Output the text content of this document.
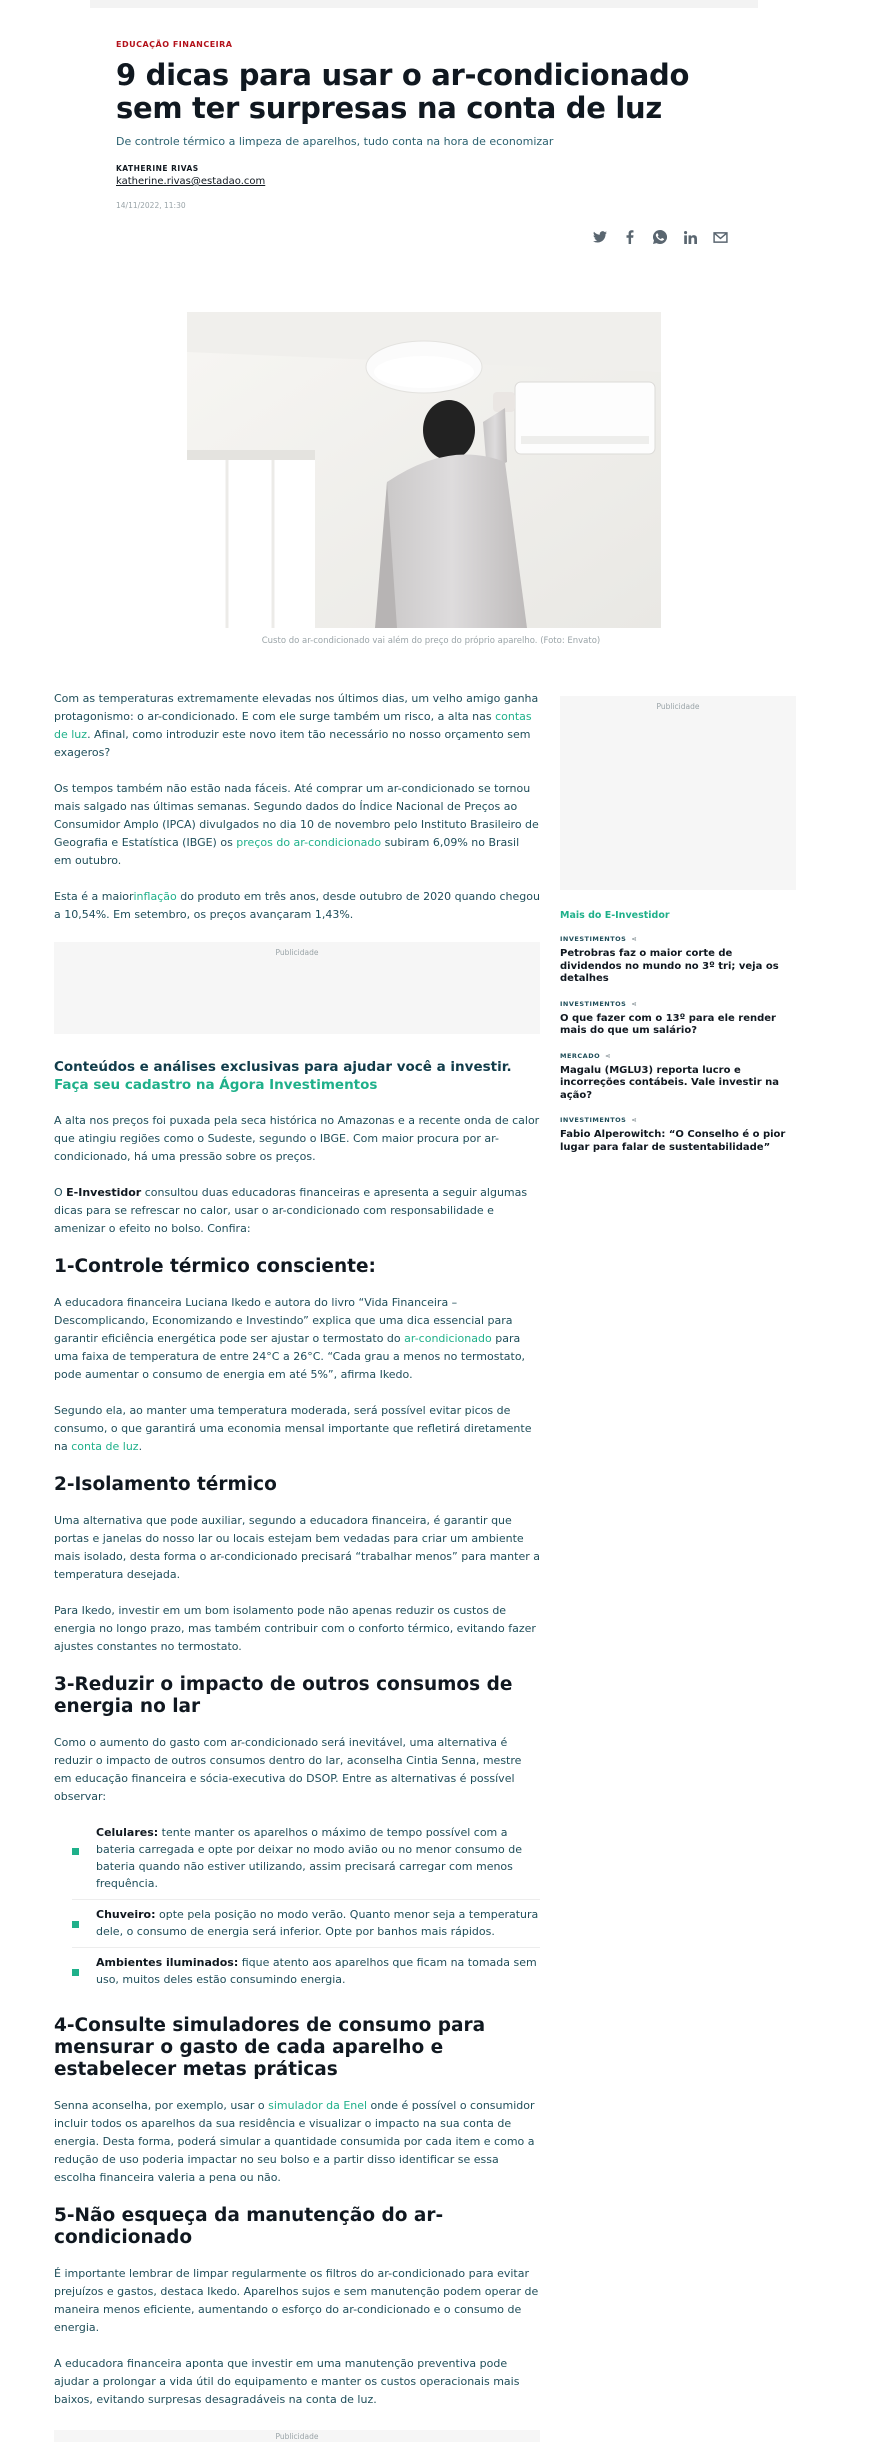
EDUCAÇÃO FINANCEIRA
9 dicas para usar o ar-condicionado sem ter surpresas na conta de luz
De controle térmico a limpeza de aparelhos, tudo conta na hora de economizar
KATHERINE RIVAS
katherine.rivas@estadao.com
14/11/2022, 11:30
Custo do ar-condicionado vai além do preço do próprio aparelho. (Foto: Envato)

Com as temperaturas extremamente elevadas nos últimos dias, um velho amigo ganha protagonismo: o ar-condicionado. E com ele surge também um risco, a alta nas contas de luz. Afinal, como introduzir este novo item tão necessário no nosso orçamento sem exageros?

Os tempos também não estão nada fáceis. Até comprar um ar-condicionado se tornou mais salgado nas últimas semanas. Segundo dados do Índice Nacional de Preços ao Consumidor Amplo (IPCA) divulgados no dia 10 de novembro pelo Instituto Brasileiro de Geografia e Estatística (IBGE) os preços do ar-condicionado subiram 6,09% no Brasil em outubro.

Esta é a maiorinflação do produto em três anos, desde outubro de 2020 quando chegou a 10,54%. Em setembro, os preços avançaram 1,43%.

Publicidade
Conteúdos e análises exclusivas para ajudar você a investir.
Faça seu cadastro na Ágora Investimentos

A alta nos preços foi puxada pela seca histórica no Amazonas e a recente onda de calor que atingiu regiões como o Sudeste, segundo o IBGE. Com maior procura por ar-condicionado, há uma pressão sobre os preços.

O E-Investidor consultou duas educadoras financeiras e apresenta a seguir algumas dicas para se refrescar no calor, usar o ar-condicionado com responsabilidade e amenizar o efeito no bolso. Confira:

1-Controle térmico consciente:

A educadora financeira Luciana Ikedo e autora do livro “Vida Financeira – Descomplicando, Economizando e Investindo” explica que uma dica essencial para garantir eficiência energética pode ser ajustar o termostato do ar-condicionado para uma faixa de temperatura de entre 24°C a 26°C. “Cada grau a menos no termostato, pode aumentar o consumo de energia em até 5%”, afirma Ikedo.

Segundo ela, ao manter uma temperatura moderada, será possível evitar picos de consumo, o que garantirá uma economia mensal importante que refletirá diretamente na conta de luz.

2-Isolamento térmico

Uma alternativa que pode auxiliar, segundo a educadora financeira, é garantir que portas e janelas do nosso lar ou locais estejam bem vedadas para criar um ambiente mais isolado, desta forma o ar-condicionado precisará “trabalhar menos” para manter a temperatura desejada.

Para Ikedo, investir em um bom isolamento pode não apenas reduzir os custos de energia no longo prazo, mas também contribuir com o conforto térmico, evitando fazer ajustes constantes no termostato.

3-Reduzir o impacto de outros consumos de energia no lar

Como o aumento do gasto com ar-condicionado será inevitável, uma alternativa é reduzir o impacto de outros consumos dentro do lar, aconselha Cintia Senna, mestre em educação financeira e sócia-executiva do DSOP. Entre as alternativas é possível observar:

Celulares: tente manter os aparelhos o máximo de tempo possível com a bateria carregada e opte por deixar no modo avião ou no menor consumo de bateria quando não estiver utilizando, assim precisará carregar com menos frequência.
Chuveiro: opte pela posição no modo verão. Quanto menor seja a temperatura dele, o consumo de energia será inferior. Opte por banhos mais rápidos.
Ambientes iluminados: fique atento aos aparelhos que ficam na tomada sem uso, muitos deles estão consumindo energia.
4-Consulte simuladores de consumo para mensurar o gasto de cada aparelho e estabelecer metas práticas

Senna aconselha, por exemplo, usar o simulador da Enel onde é possível o consumidor incluir todos os aparelhos da sua residência e visualizar o impacto na sua conta de energia. Desta forma, poderá simular a quantidade consumida por cada item e como a redução de uso poderia impactar no seu bolso e a partir disso identificar se essa escolha financeira valeria a pena ou não.

5-Não esqueça da manutenção do ar-condicionado

É importante lembrar de limpar regularmente os filtros do ar-condicionado para evitar prejuízos e gastos, destaca Ikedo. Aparelhos sujos e sem manutenção podem operar de maneira menos eficiente, aumentando o esforço do ar-condicionado e o consumo de energia.

A educadora financeira aponta que investir em uma manutenção preventiva pode ajudar a prolongar a vida útil do equipamento e manter os custos operacionais mais baixos, evitando surpresas desagradáveis na conta de luz.

Publicidade
Publicidade
Mais do E-Investidor
INVESTIMENTOS ⋖
Petrobras faz o maior corte de dividendos no mundo no 3º tri; veja os detalhes
INVESTIMENTOS ⋖
O que fazer com o 13º para ele render mais do que um salário?
MERCADO ⋖
Magalu (MGLU3) reporta lucro e incorreções contábeis. Vale investir na ação?
INVESTIMENTOS ⋖
Fabio Alperowitch: “O Conselho é o pior lugar para falar de sustentabilidade”
